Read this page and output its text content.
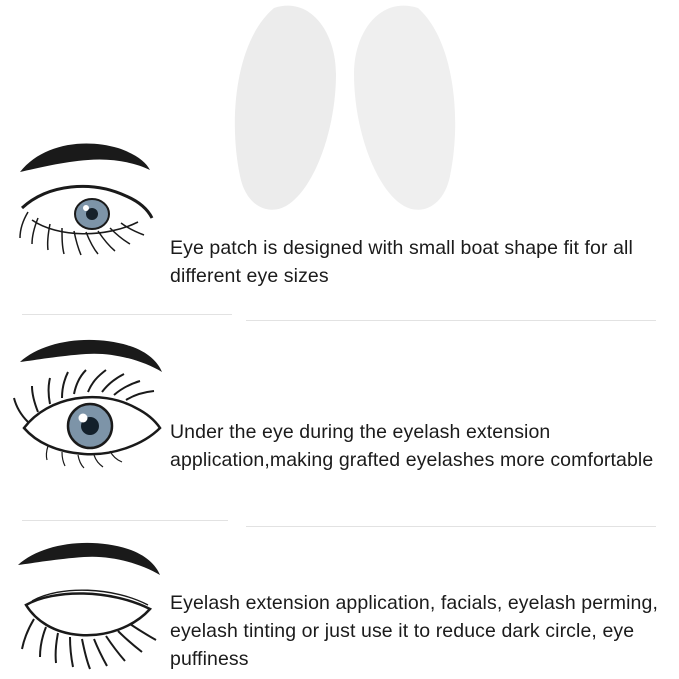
Eye patch is designed with small boat shape fit for all different eye sizes
Under the eye during the eyelash extension application,making grafted eyelashes more comfortable
Eyelash extension application, facials, eyelash perming, eyelash tinting or just use it to reduce dark circle, eye puffiness
